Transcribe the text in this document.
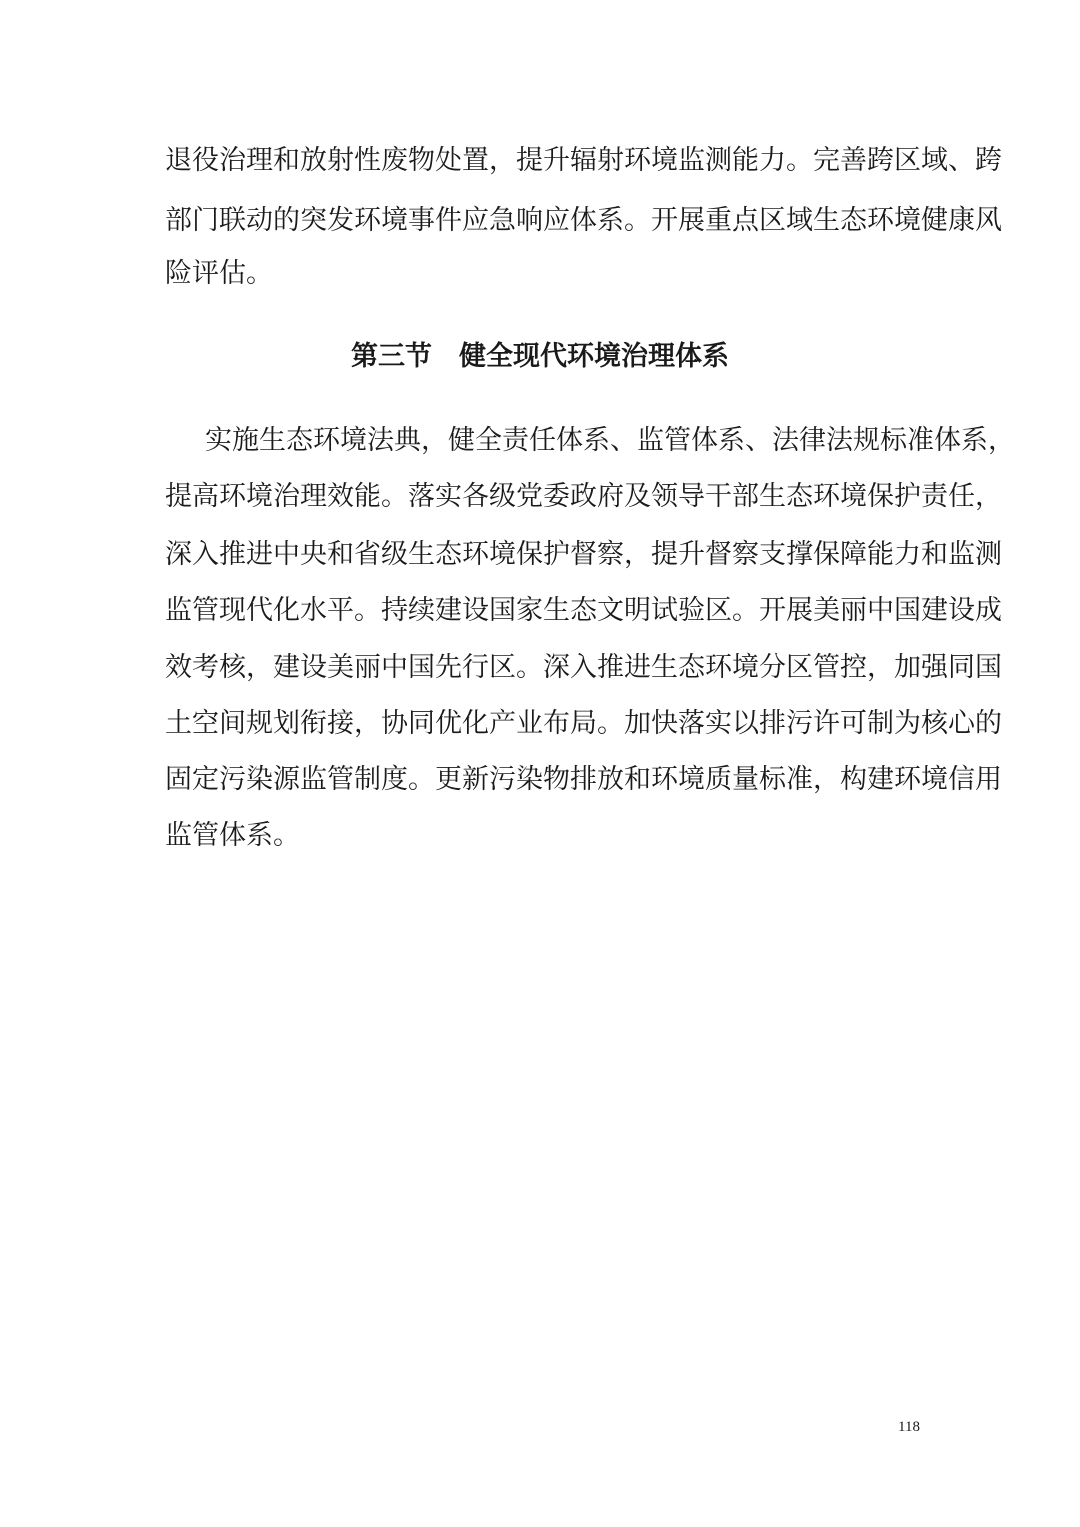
退役治理和放射性废物处置，提升辐射环境监测能力。完善跨区域、跨
部门联动的突发环境事件应急响应体系。开展重点区域生态环境健康风
险评估。
第三节　健全现代环境治理体系
实施生态环境法典，健全责任体系、监管体系、法律法规标准体系，
提高环境治理效能。落实各级党委政府及领导干部生态环境保护责任，
深入推进中央和省级生态环境保护督察，提升督察支撑保障能力和监测
监管现代化水平。持续建设国家生态文明试验区。开展美丽中国建设成
效考核，建设美丽中国先行区。深入推进生态环境分区管控，加强同国
土空间规划衔接，协同优化产业布局。加快落实以排污许可制为核心的
固定污染源监管制度。更新污染物排放和环境质量标准，构建环境信用
监管体系。
118
